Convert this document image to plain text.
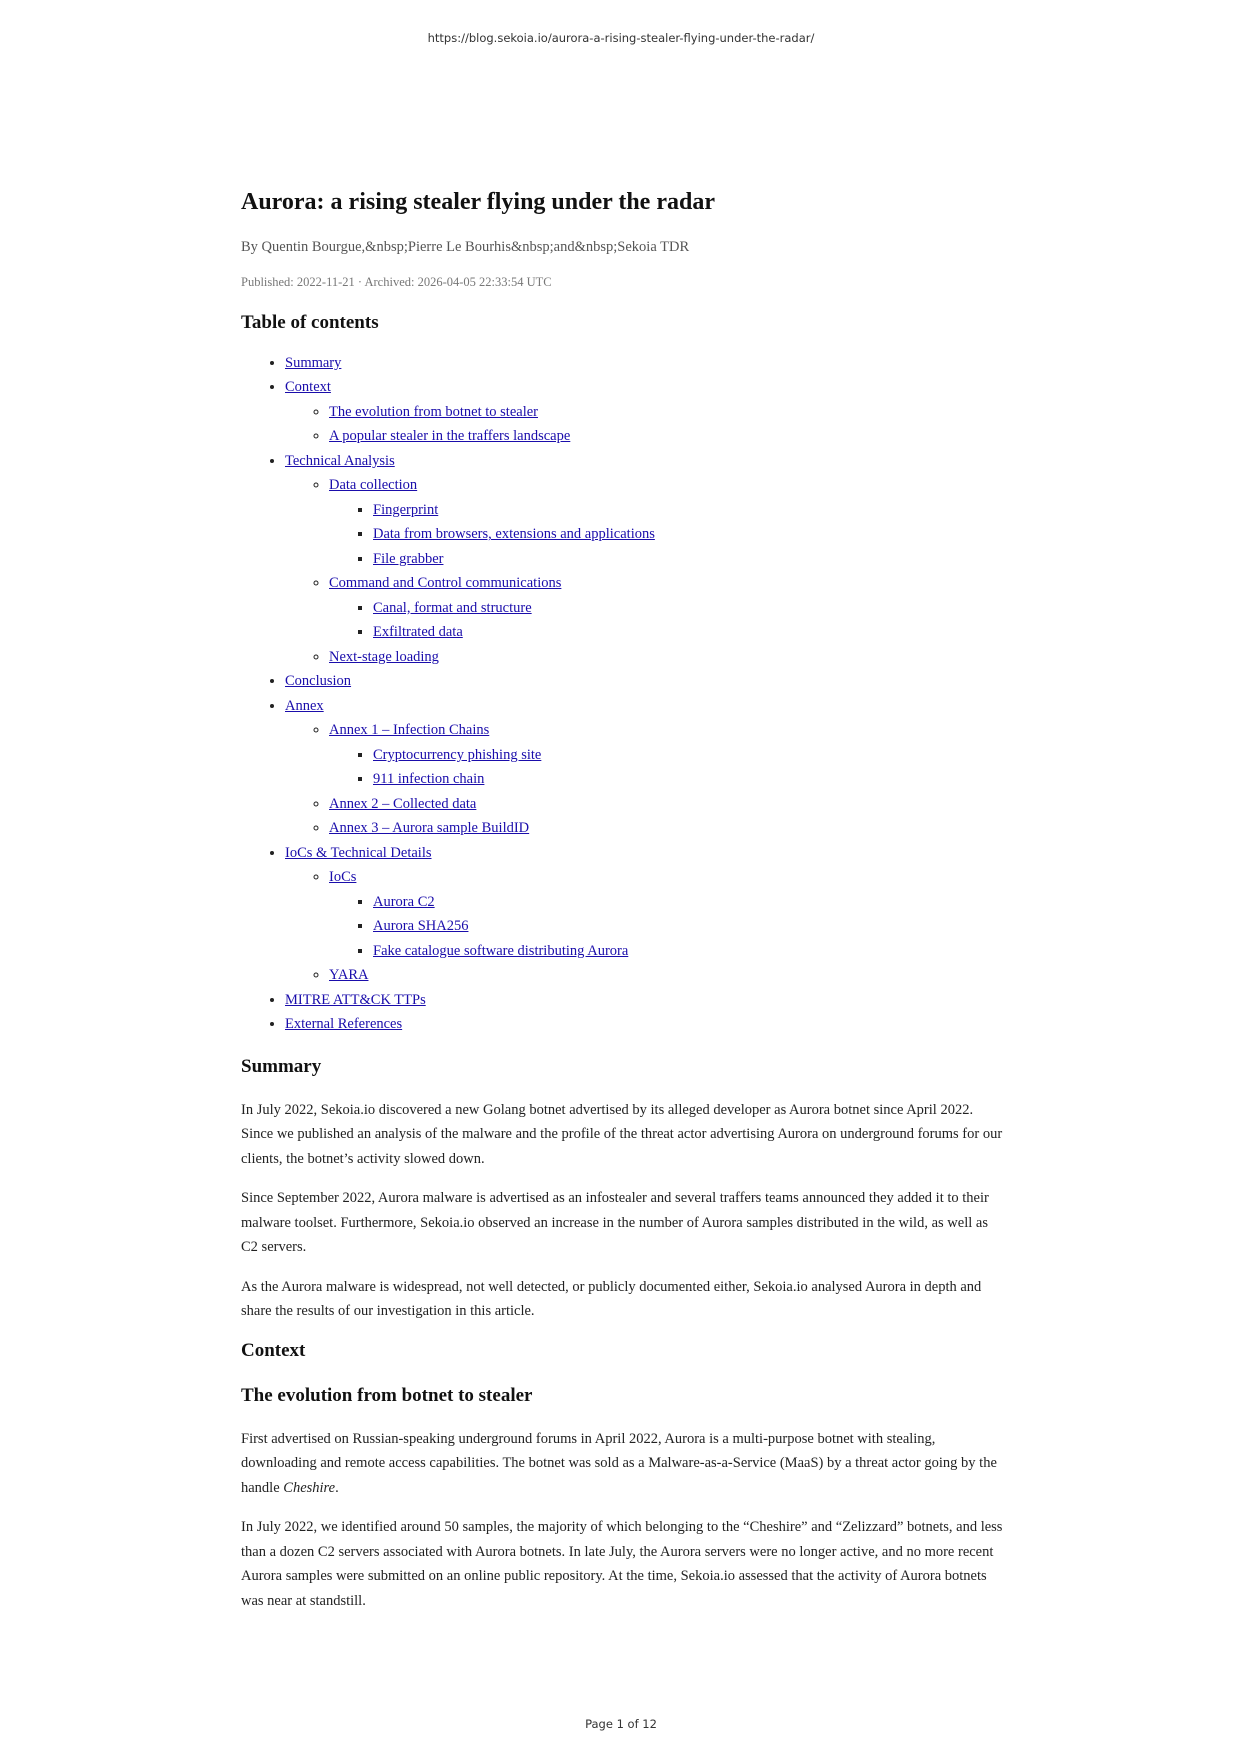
https://blog.sekoia.io/aurora-a-rising-stealer-flying-under-the-radar/
Aurora: a rising stealer flying under the radar
By Quentin Bourgue,&nbsp;Pierre Le Bourhis&nbsp;and&nbsp;Sekoia TDR
Published: 2022-11-21 · Archived: 2026-04-05 22:33:54 UTC
Table of contents
• Summary
• Context
◦ The evolution from botnet to stealer
◦ A popular stealer in the traffers landscape
• Technical Analysis
◦ Data collection
▪ Fingerprint
▪ Data from browsers, extensions and applications
▪ File grabber
◦ Command and Control communications
▪ Canal, format and structure
▪ Exfiltrated data
◦ Next-stage loading
• Conclusion
• Annex
◦ Annex 1 – Infection Chains
▪ Cryptocurrency phishing site
▪ 911 infection chain
◦ Annex 2 – Collected data
◦ Annex 3 – Aurora sample BuildID
• IoCs & Technical Details
◦ IoCs
▪ Aurora C2
▪ Aurora SHA256
▪ Fake catalogue software distributing Aurora
◦ YARA
• MITRE ATT&CK TTPs
• External References
Summary

In July 2022, Sekoia.io discovered a new Golang botnet advertised by its alleged developer as Aurora botnet since April 2022. Since we published an analysis of the malware and the profile of the threat actor advertising Aurora on underground forums for our clients, the botnet’s activity slowed down.

Since September 2022, Aurora malware is advertised as an infostealer and several traffers teams announced they added it to their malware toolset. Furthermore, Sekoia.io observed an increase in the number of Aurora samples distributed in the wild, as well as C2 servers.

As the Aurora malware is widespread, not well detected, or publicly documented either, Sekoia.io analysed Aurora in depth and share the results of our investigation in this article.

Context
The evolution from botnet to stealer

First advertised on Russian-speaking underground forums in April 2022, Aurora is a multi-purpose botnet with stealing, downloading and remote access capabilities. The botnet was sold as a Malware-as-a-Service (MaaS) by a threat actor going by the handle Cheshire.

In July 2022, we identified around 50 samples, the majority of which belonging to the “Cheshire” and “Zelizzard” botnets, and less than a dozen C2 servers associated with Aurora botnets. In late July, the Aurora servers were no longer active, and no more recent Aurora samples were submitted on an online public repository. At the time, Sekoia.io assessed that the activity of Aurora botnets was near at standstill.

Page 1 of 12
